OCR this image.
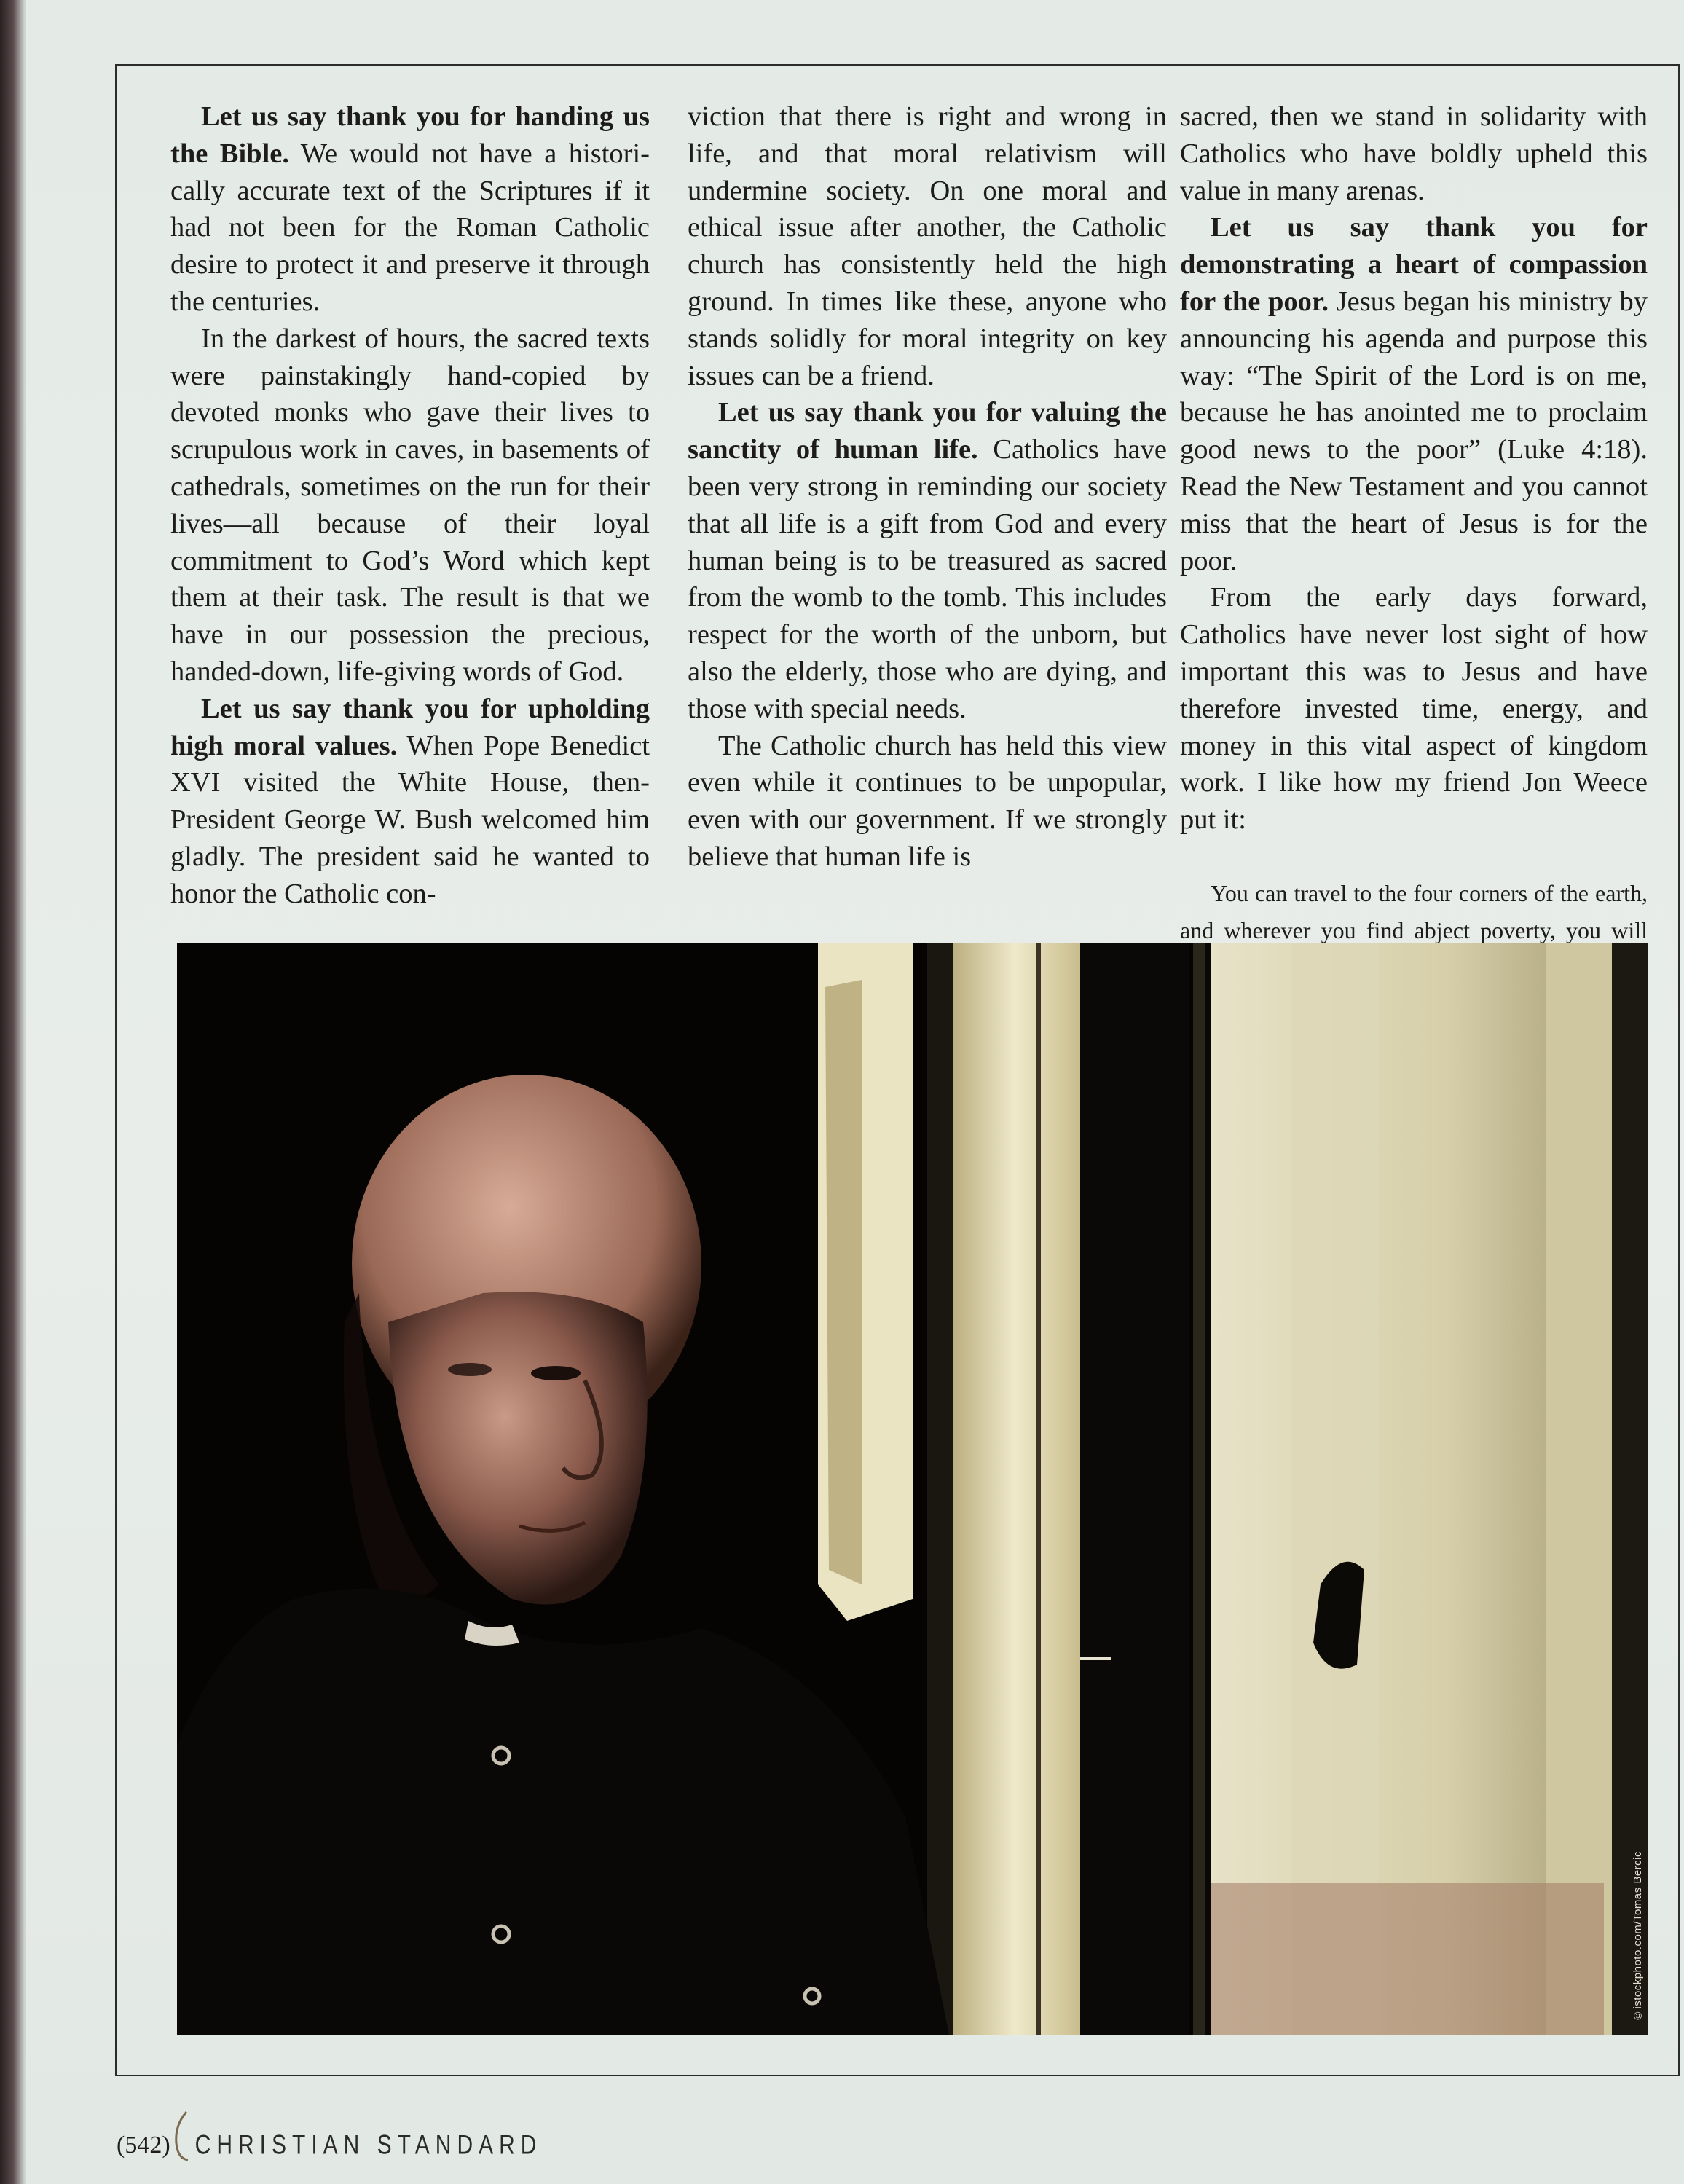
Let us say thank you for handing us the Bible. We would not have a historically accurate text of the Scriptures if it had not been for the Roman Catholic desire to protect it and preserve it through the centuries.

In the darkest of hours, the sacred texts were painstakingly hand-copied by devoted monks who gave their lives to scrupulous work in caves, in basements of cathedrals, sometimes on the run for their lives—all because of their loyal commitment to God’s Word which kept them at their task. The result is that we have in our possession the precious, handed-down, life-giving words of God.

Let us say thank you for upholding high moral values. When Pope Benedict XVI visited the White House, then-President George W. Bush welcomed him gladly. The president said he wanted to honor the Catholic con-

viction that there is right and wrong in life, and that moral relativism will undermine society. On one moral and ethical issue after another, the Catholic church has consistently held the high ground. In times like these, anyone who stands solidly for moral integrity on key issues can be a friend.

Let us say thank you for valuing the sanctity of human life. Catholics have been very strong in reminding our society that all life is a gift from God and every human being is to be treasured as sacred from the womb to the tomb. This includes respect for the worth of the unborn, but also the elderly, those who are dying, and those with special needs.

The Catholic church has held this view even while it continues to be unpopular, even with our government. If we strongly believe that human life is

sacred, then we stand in solidarity with Catholics who have boldly upheld this value in many arenas.

Let us say thank you for demonstrating a heart of compassion for the poor. Jesus began his ministry by announcing his agenda and purpose this way: “The Spirit of the Lord is on me, because he has anointed me to proclaim good news to the poor” (Luke 4:18). Read the New Testament and you cannot miss that the heart of Jesus is for the poor.

From the early days forward, Catholics have never lost sight of how important this was to Jesus and have therefore invested time, energy, and money in this vital aspect of kingdom work. I like how my friend Jon Weece put it:

You can travel to the four corners of the earth, and wherever you find abject poverty, you will

©istockphoto.com/Tomas Bercic
(542) CHRISTIAN STANDARD
